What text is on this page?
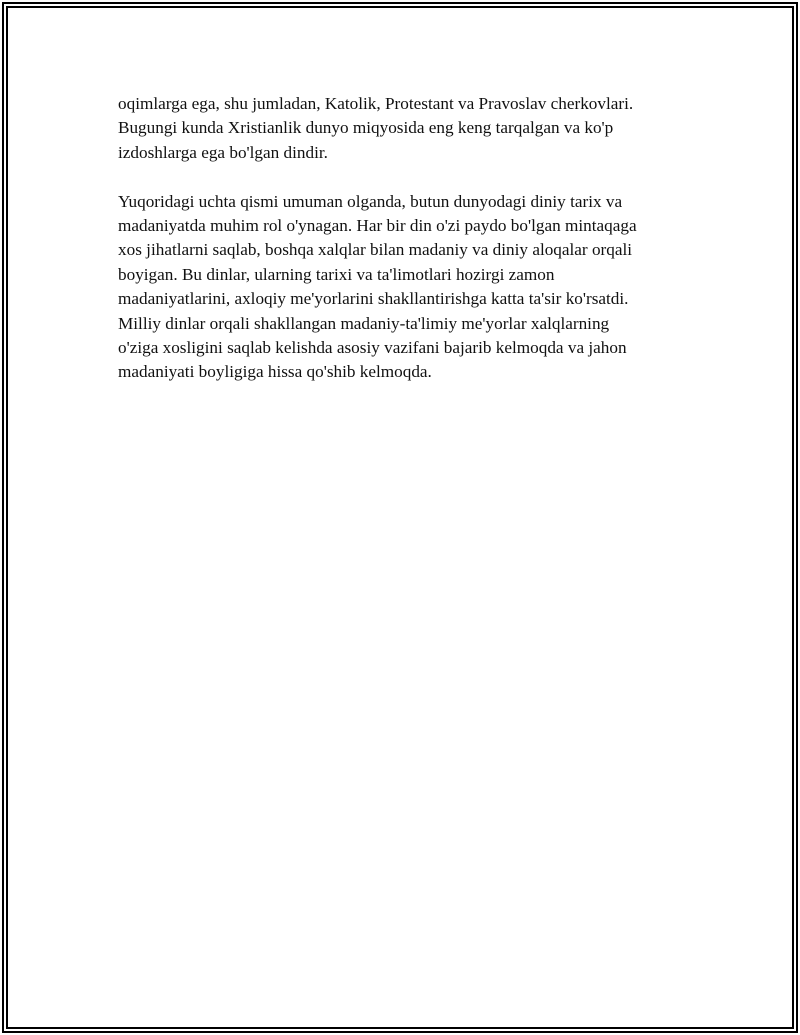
oqimlarga ega, shu jumladan, Katolik, Protestant va Pravoslav cherkovlari.
Bugungi kunda Xristianlik dunyo miqyosida eng keng tarqalgan va ko'p
izdoshlarga ega bo'lgan dindir.

Yuqoridagi uchta qismi umuman olganda, butun dunyodagi diniy tarix va
madaniyatda muhim rol o'ynagan. Har bir din o'zi paydo bo'lgan mintaqaga
xos jihatlarni saqlab, boshqa xalqlar bilan madaniy va diniy aloqalar orqali
boyigan. Bu dinlar, ularning tarixi va ta'limotlari hozirgi zamon
madaniyatlarini, axloqiy me'yorlarini shakllantirishga katta ta'sir ko'rsatdi.
Milliy dinlar orqali shakllangan madaniy-ta'limiy me'yorlar xalqlarning
o'ziga xosligini saqlab kelishda asosiy vazifani bajarib kelmoqda va jahon
madaniyati boyligiga hissa qo'shib kelmoqda.
